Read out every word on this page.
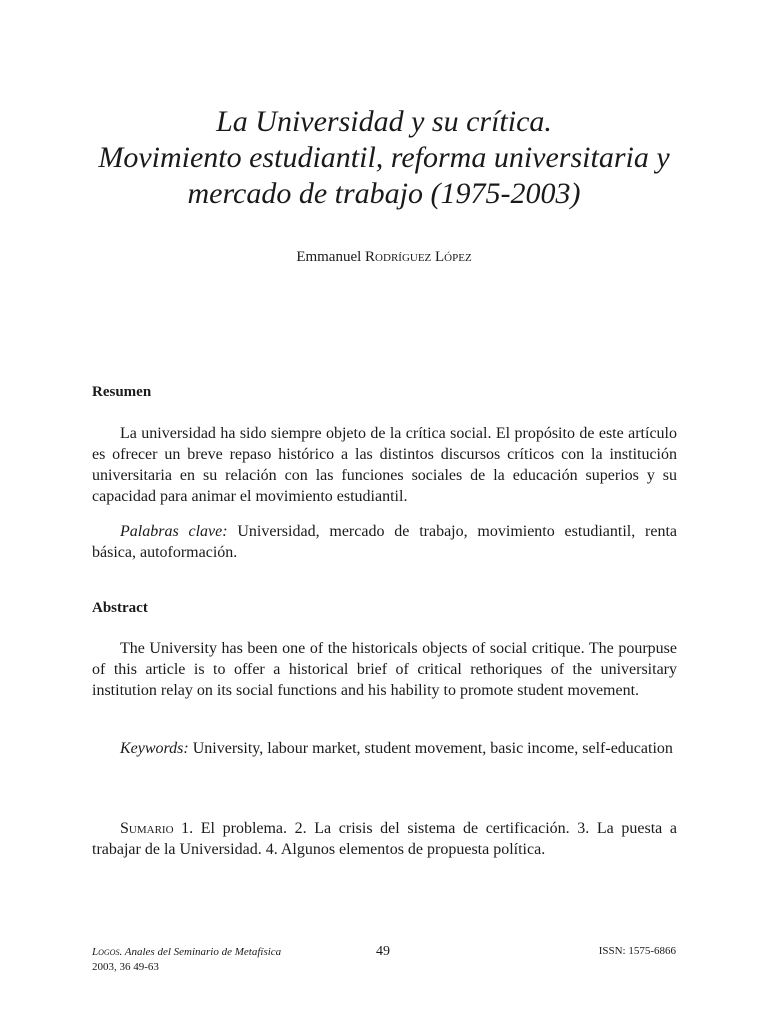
La Universidad y su crítica.
Movimiento estudiantil, reforma universitaria y
mercado de trabajo (1975-2003)
Emmanuel Rodríguez López
Resumen

La universidad ha sido siempre objeto de la crítica social. El propósito de este artículo es ofrecer un breve repaso histórico a las distintos discursos críticos con la institución universitaria en su relación con las funciones sociales de la educación superios y su capacidad para animar el movimiento estudiantil.

Palabras clave: Universidad, mercado de trabajo, movimiento estudiantil, renta básica, autoformación.

Abstract

The University has been one of the historicals objects of social critique. The pourpuse of this article is to offer a historical brief of critical rethoriques of the universitary institution relay on its social functions and his hability to promote student movement.

Keywords: University, labour market, student movement, basic income, self-education

Sumario 1. El problema. 2. La crisis del sistema de certificación. 3. La puesta a trabajar de la Universidad. 4. Algunos elementos de propuesta política.

Logos. Anales del Seminario de Metafísica
2003, 36 49-63
49	ISSN: 1575-6866
